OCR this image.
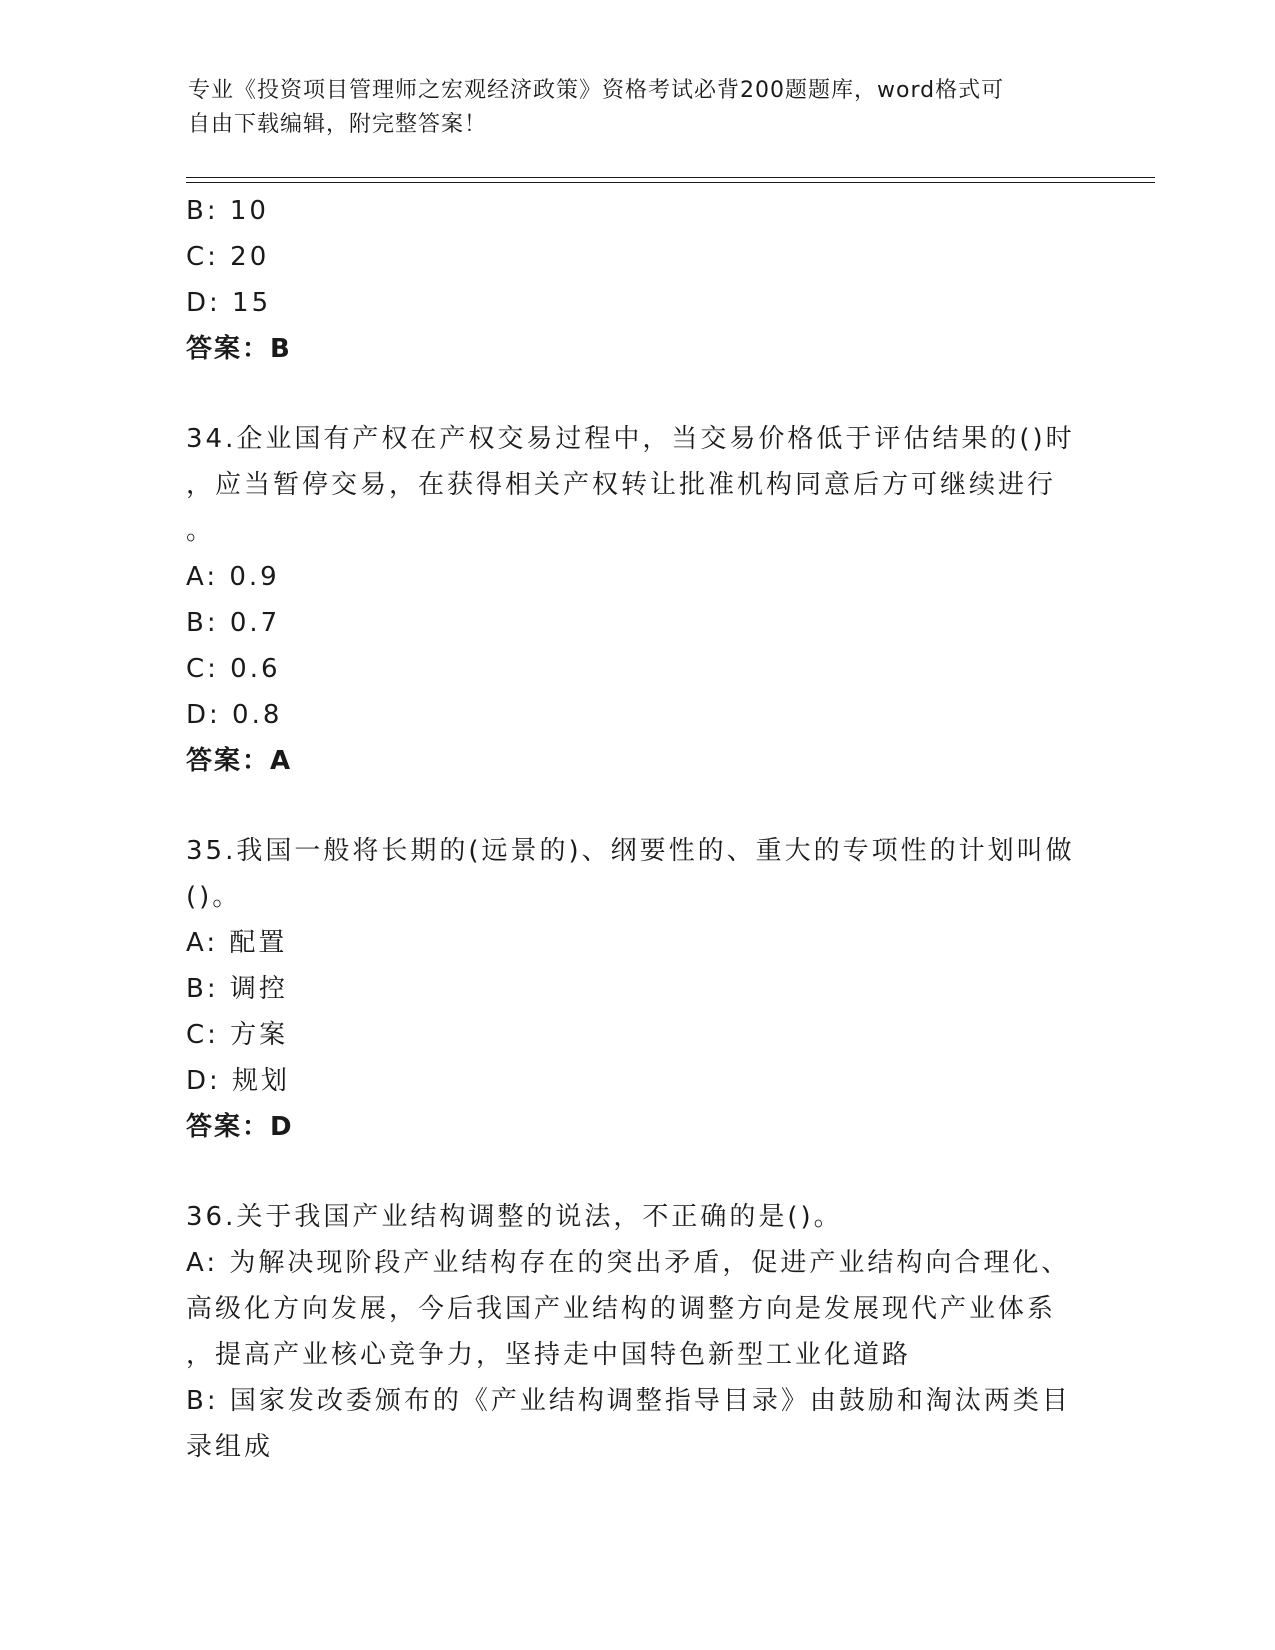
专业《投资项目管理师之宏观经济政策》资格考试必背200题题库，word格式可
自由下载编辑，附完整答案！
B: 10
C: 20
D: 15
答案：B
34.企业国有产权在产权交易过程中，当交易价格低于评估结果的()时
，应当暂停交易，在获得相关产权转让批准机构同意后方可继续进行
。
A: 0.9
B: 0.7
C: 0.6
D: 0.8
答案：A
35.我国一般将长期的(远景的)、纲要性的、重大的专项性的计划叫做
()。
A: 配置
B: 调控
C: 方案
D: 规划
答案：D
36.关于我国产业结构调整的说法，不正确的是()。
A: 为解决现阶段产业结构存在的突出矛盾，促进产业结构向合理化、
高级化方向发展，今后我国产业结构的调整方向是发展现代产业体系
，提高产业核心竞争力，坚持走中国特色新型工业化道路
B: 国家发改委颁布的《产业结构调整指导目录》由鼓励和淘汰两类目
录组成
